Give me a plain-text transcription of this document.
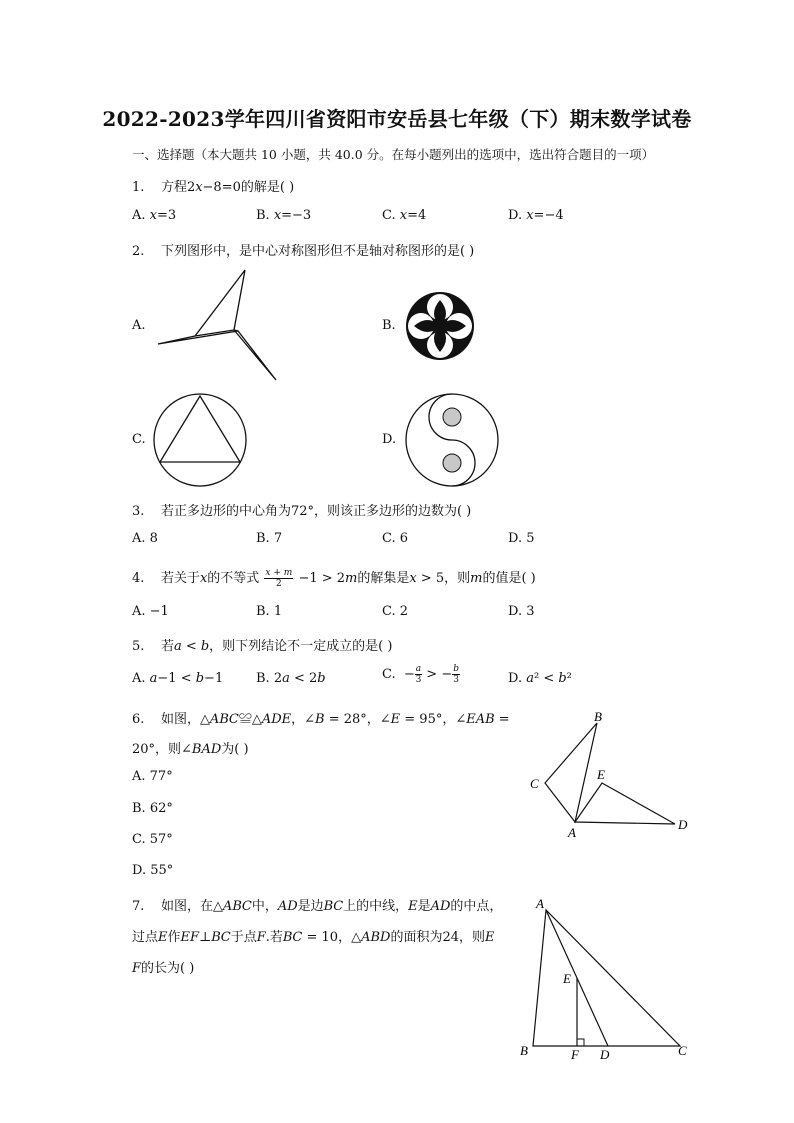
2022-2023学年四川省资阳市安岳县七年级（下）期末数学试卷
一、选择题（本大题共 10 小题，共 40.0 分。在每小题列出的选项中，选出符合题目的一项）
1. 方程2𝑥−8=0的解是( )
A. 𝑥=3	B. 𝑥=−3	C. 𝑥=4	D. 𝑥=−4
2. 下列图形中，是中心对称图形但不是轴对称图形的是( )
A.	B.
C.	D.
3. 若正多边形的中心角为72°，则该正多边形的边数为( )
A. 8	B. 7	C. 6	D. 5
4. 若关于𝑥的不等式 𝑥 + 𝑚
2	−1 > 2𝑚的解集是𝑥 > 5，则𝑚的值是( )
A. −1	B. 1	C. 2	D. 3
5. 若𝑎 < 𝑏，则下列结论不一定成立的是( )
A. 𝑎−1 < 𝑏−1	B. 2𝑎 < 2𝑏	C.  − 𝑎
3 > − 𝑏
3	D. 𝑎² < 𝑏²
6. 如图，△𝐴𝐵𝐶≌△𝐴𝐷𝐸，∠𝐵 = 28°，∠𝐸 = 95°，∠𝐸𝐴𝐵 =
20°，则∠𝐵𝐴𝐷为( )
A. 77°
B. 62°
C. 57°
D. 55°
B
C
E
A
D
7. 如图，在△𝐴𝐵𝐶中，𝐴𝐷是边𝐵𝐶上的中线，𝐸是𝐴𝐷的中点，
过点𝐸作𝐸𝐹⊥𝐵𝐶于点𝐹.若𝐵𝐶 = 10，△𝐴𝐵𝐷的面积为24，则𝐸
𝐹的长为( )
A
E
B	F D	C
